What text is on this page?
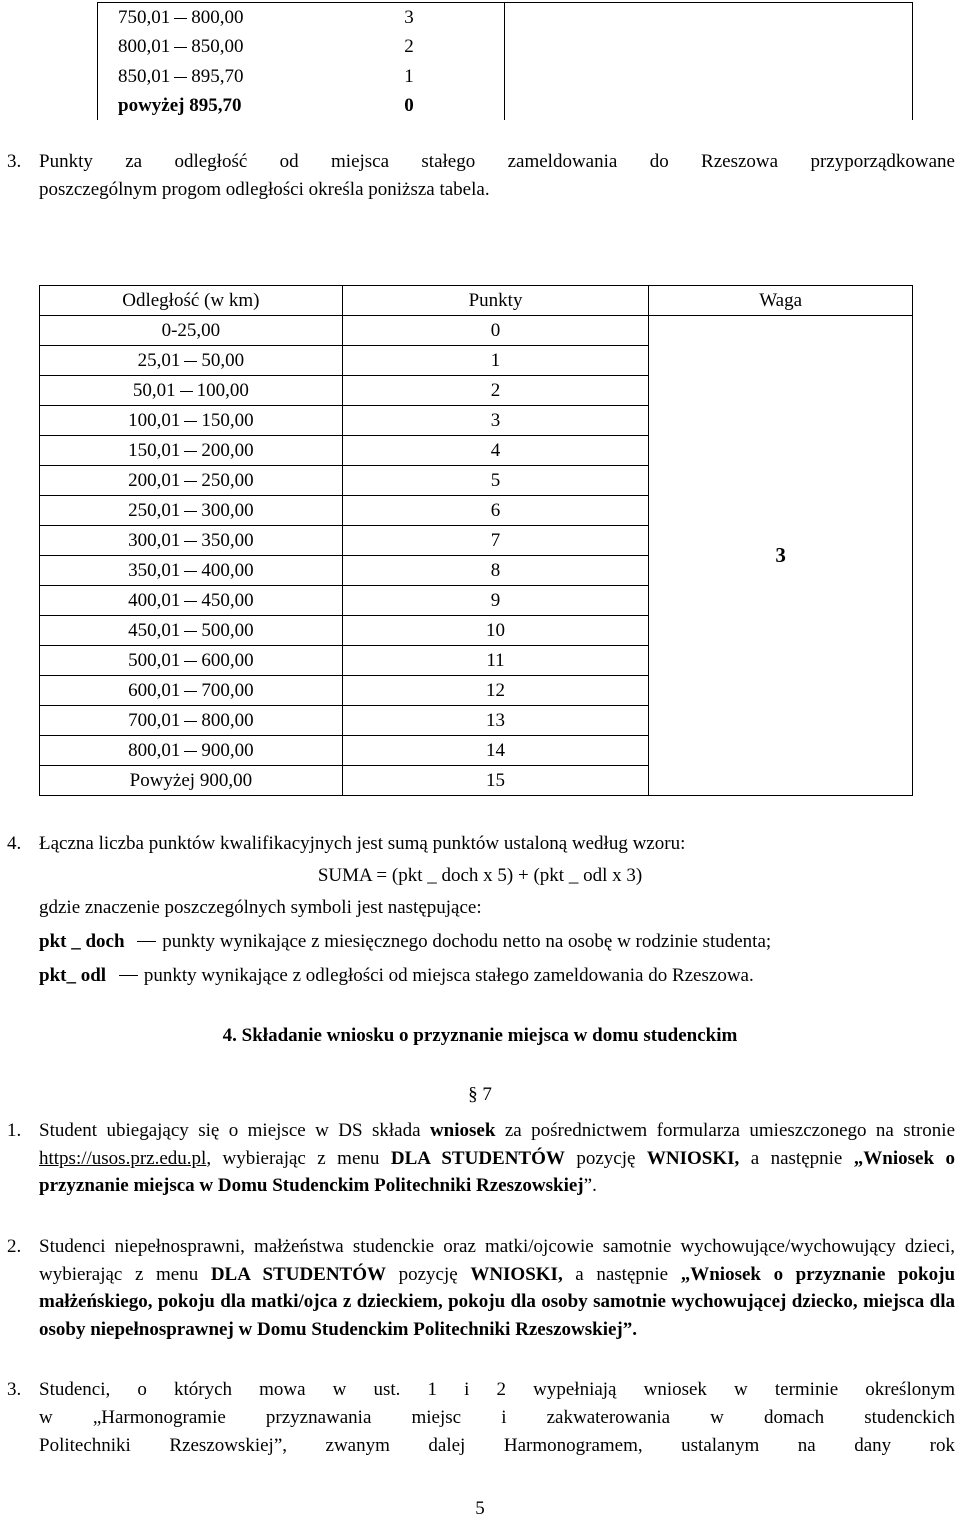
750,01 800,00	3	

800,01 850,00	2	

850,01 895,70	1	

powyżej 895,70	0	
3. Punkty za odległość od miejsca stałego zameldowania do Rzeszowa przyporządkowane
poszczególnym progom odległości określa poniższa tabela.
Odległość (w km)	Punkty	Waga

0-25,00	0	3

25,01 50,00	1	

50,01 100,00	2	

100,01 150,00	3	

150,01 200,00	4	

200,01 250,00	5	

250,01 300,00	6	

300,01 350,00	7	

350,01 400,00	8	

400,01 450,00	9	

450,01 500,00	10	

500,01 600,00	11	

600,01 700,00	12	

700,01 800,00	13	

800,01 900,00	14	

Powyżej 900,00	15	
4. Łączna liczba punktów kwalifikacyjnych jest sumą punktów ustaloną według wzoru:
SUMA = (pkt _ doch x 5) + (pkt _ odl x 3)
gdzie znaczenie poszczególnych symboli jest następujące:
pkt _ doch punkty wynikające z miesięcznego dochodu netto na osobę w rodzinie studenta;
pkt_ odl punkty wynikające z odległości od miejsca stałego zameldowania do Rzeszowa.
4. Składanie wniosku o przyznanie miejsca w domu studenckim
§ 7
1. Student ubiegający się o miejsce w DS składa wniosek za pośrednictwem formularza umieszczonego na stronie https://usos.prz.edu.pl, wybierając z menu DLA STUDENTÓW pozycję WNIOSKI, a następnie „Wniosek o przyznanie miejsca w Domu Studenckim Politechniki Rzeszowskiej”.
2. Studenci niepełnosprawni, małżeństwa studenckie oraz matki/ojcowie samotnie wychowujące/wychowujący dzieci, wybierając z menu DLA STUDENTÓW pozycję WNIOSKI, a następnie „Wniosek o przyznanie pokoju małżeńskiego, pokoju dla matki/ojca z dzieckiem, pokoju dla osoby samotnie wychowującej dziecko, miejsca dla osoby niepełnosprawnej w Domu Studenckim Politechniki Rzeszowskiej”.
3. Studenci, o których mowa w ust. 1 i 2 wypełniają wniosek w terminie określonym
w „Harmonogramie przyznawania miejsc i zakwaterowania w domach studenckich
Politechniki Rzeszowskiej”, zwanym dalej Harmonogramem, ustalanym na dany rok
5
